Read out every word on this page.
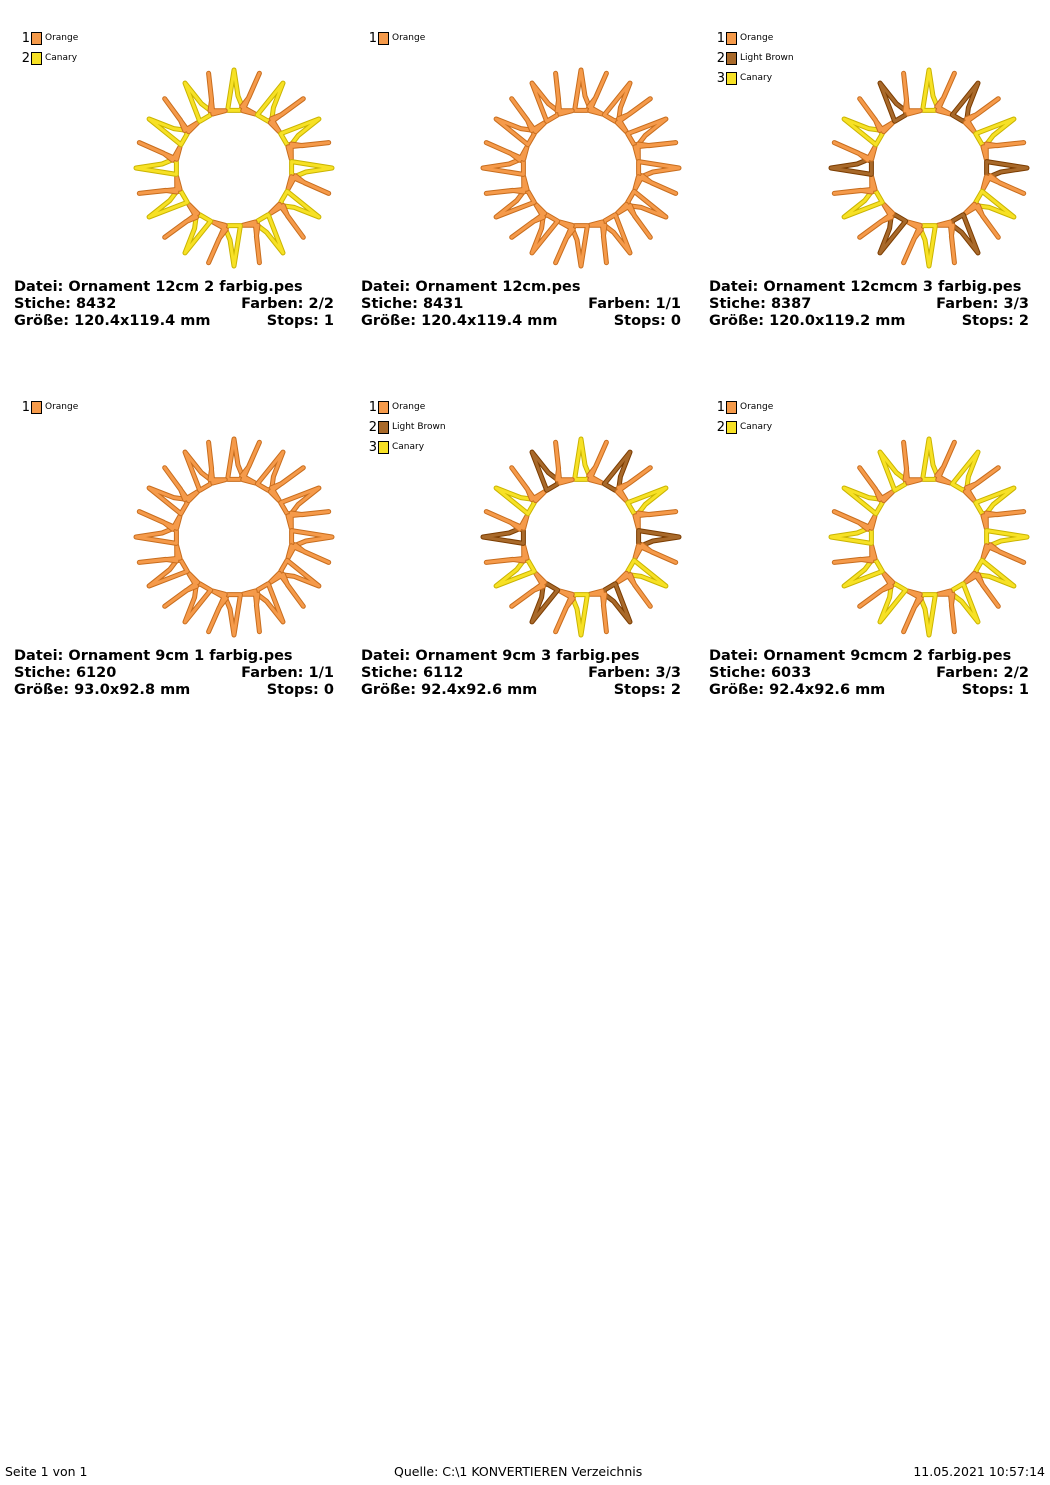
1 Orange
2 Canary
Datei: Ornament 12cm 2 farbig.pes
Stiche: 8432	Farben: 2/2
Größe: 120.4x119.4 mm	Stops: 1
1 Orange
Datei: Ornament 12cm.pes
Stiche: 8431	Farben: 1/1
Größe: 120.4x119.4 mm	Stops: 0
1 Orange
2 Light Brown
3 Canary
Datei: Ornament 12cmcm 3 farbig.pes
Stiche: 8387	Farben: 3/3
Größe: 120.0x119.2 mm	Stops: 2
1 Orange
Datei: Ornament 9cm 1 farbig.pes
Stiche: 6120	Farben: 1/1
Größe: 93.0x92.8 mm	Stops: 0
1 Orange
2 Light Brown
3 Canary
Datei: Ornament 9cm 3 farbig.pes
Stiche: 6112	Farben: 3/3
Größe: 92.4x92.6 mm	Stops: 2
1 Orange
2 Canary
Datei: Ornament 9cmcm 2 farbig.pes
Stiche: 6033	Farben: 2/2
Größe: 92.4x92.6 mm	Stops: 1
Seite 1 von 1	Quelle: C:\1 KONVERTIEREN Verzeichnis	11.05.2021 10:57:14
